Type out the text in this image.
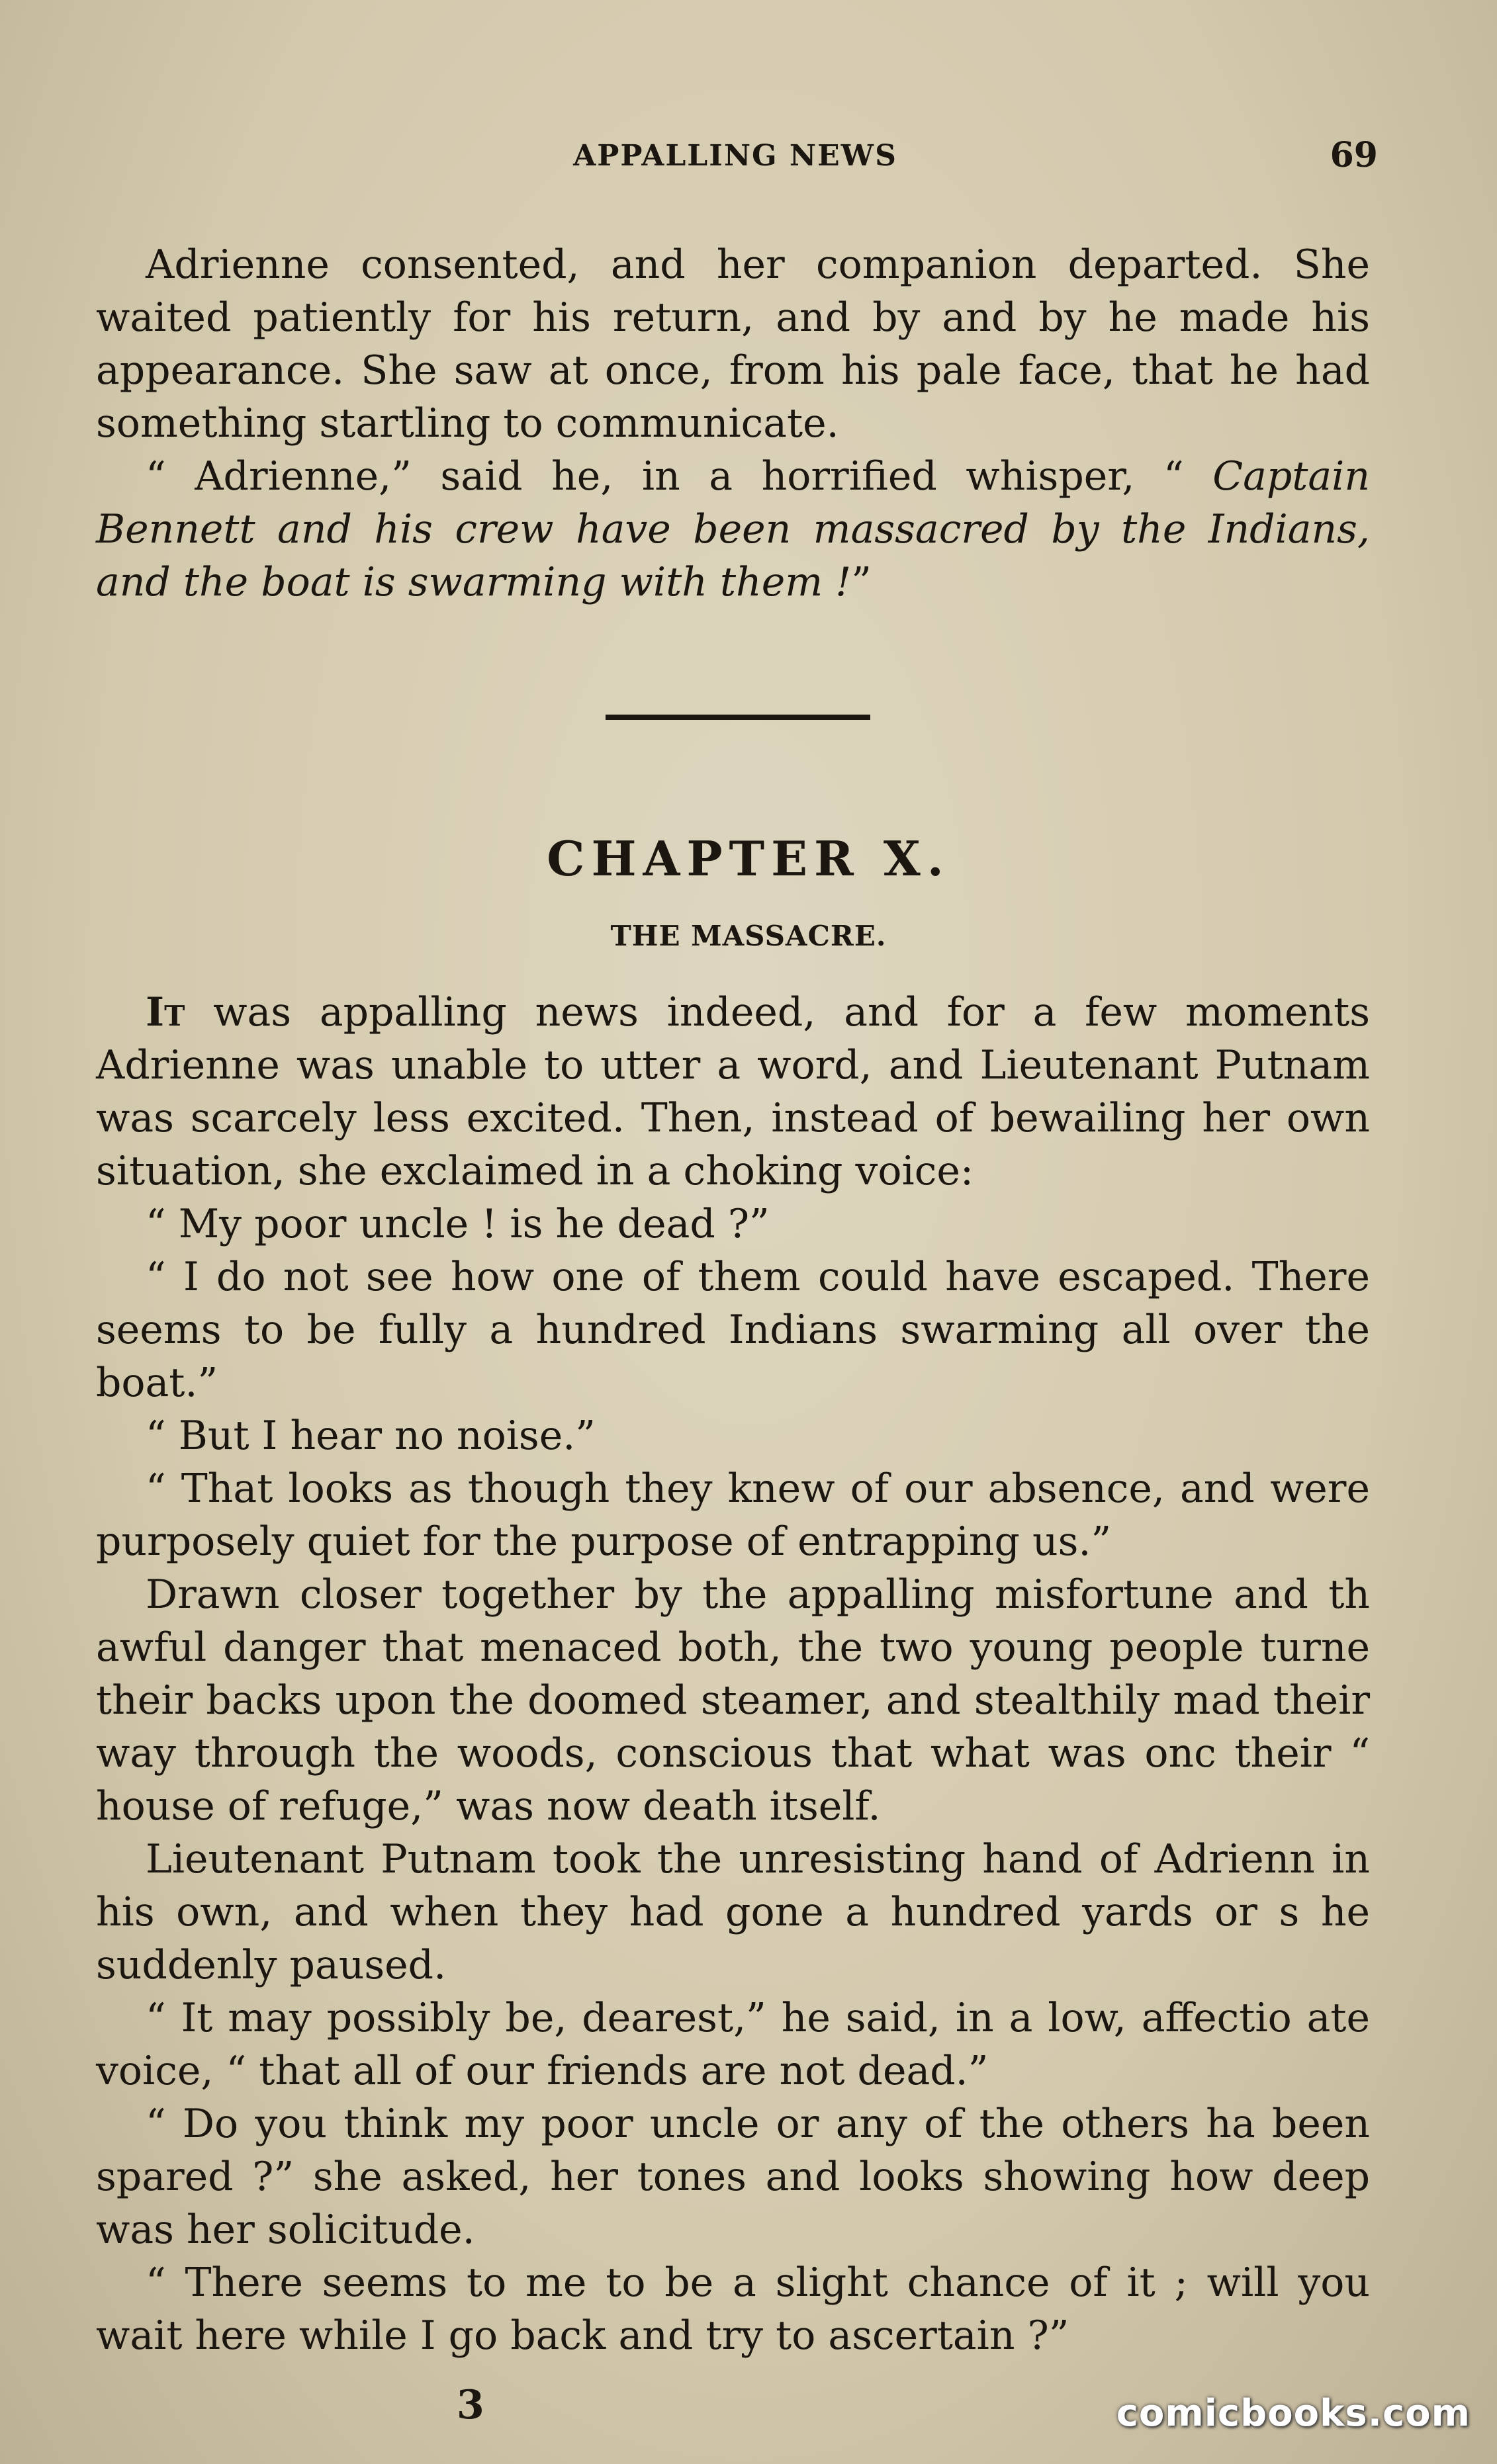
APPALLING NEWS	69

Adrienne consented, and her companion departed. She waited patiently for his return, and by and by he made his appearance. She saw at once, from his pale face, that he had something startling to communicate.

“ Adrienne,” said he, in a horrified whisper, “ Captain Bennett and his crew have been massacred by the Indians, and the boat is swarming with them !”

CHAPTER X.
THE MASSACRE.

It was appalling news indeed, and for a few moments Adrienne was unable to utter a word, and Lieutenant Putnam was scarcely less excited. Then, instead of bewailing her own situation, she exclaimed in a choking voice:

“ My poor uncle ! is he dead ?”

“ I do not see how one of them could have escaped. There seems to be fully a hundred Indians swarming all over the boat.”

“ But I hear no noise.”

“ That looks as though they knew of our absence, and were purposely quiet for the purpose of entrapping us.”

Drawn closer together by the appalling misfortune and th awful danger that menaced both, the two young people turne their backs upon the doomed steamer, and stealthily mad their way through the woods, conscious that what was onc their “ house of refuge,” was now death itself.

Lieutenant Putnam took the unresisting hand of Adrienn in his own, and when they had gone a hundred yards or s he suddenly paused.

“ It may possibly be, dearest,” he said, in a low, affectio ate voice, “ that all of our friends are not dead.”

“ Do you think my poor uncle or any of the others ha been spared ?” she asked, her tones and looks showing how deep was her solicitude.

“ There seems to me to be a slight chance of it ; will you wait here while I go back and try to ascertain ?”

3	comicbooks.com
